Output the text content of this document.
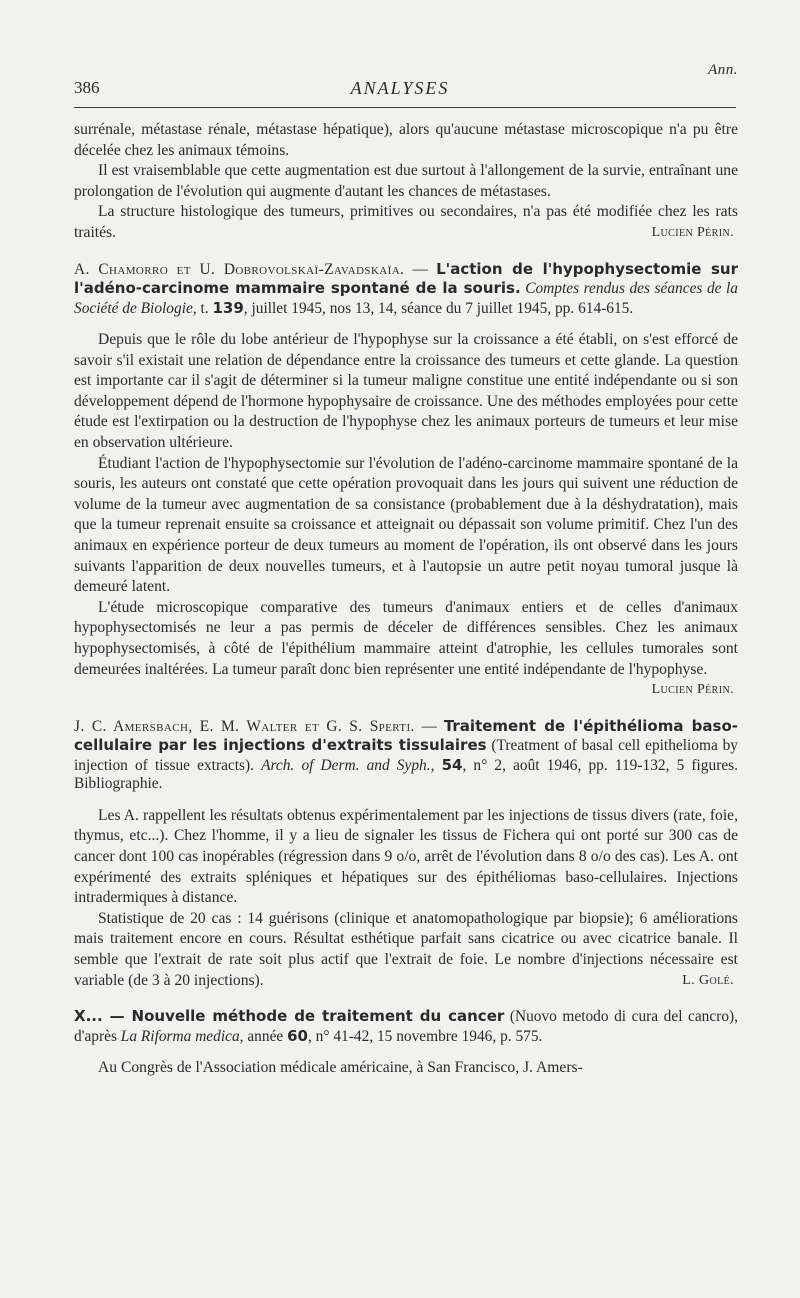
Ann.
386	ANALYSES

surrénale, métastase rénale, métastase hépatique), alors qu'aucune métastase microscopique n'a pu être décelée chez les animaux témoins.

Il est vraisemblable que cette augmentation est due surtout à l'allongement de la survie, entraînant une prolongation de l'évolution qui augmente d'autant les chances de métastases.

La structure histologique des tumeurs, primitives ou secondaires, n'a pas été modifiée chez les rats traités.	Lucien Périn.

A. Chamorro et U. Dobrovolskaï-Zavadskaïa. — L'action de l'hypophysectomie sur l'adéno-carcinome mammaire spontané de la souris. Comptes rendus des séances de la Société de Biologie, t. 139, juillet 1945, nos 13, 14, séance du 7 juillet 1945, pp. 614-615.

Depuis que le rôle du lobe antérieur de l'hypophyse sur la croissance a été établi, on s'est efforcé de savoir s'il existait une relation de dépendance entre la croissance des tumeurs et cette glande. La question est importante car il s'agit de déterminer si la tumeur maligne constitue une entité indépendante ou si son développement dépend de l'hormone hypophysaire de croissance. Une des méthodes employées pour cette étude est l'extirpation ou la destruction de l'hypophyse chez les animaux porteurs de tumeurs et leur mise en observation ultérieure.

Étudiant l'action de l'hypophysectomie sur l'évolution de l'adéno-carcinome mammaire spontané de la souris, les auteurs ont constaté que cette opération provoquait dans les jours qui suivent une réduction de volume de la tumeur avec augmentation de sa consistance (probablement due à la déshydratation), mais que la tumeur reprenait ensuite sa croissance et atteignait ou dépassait son volume primitif. Chez l'un des animaux en expérience porteur de deux tumeurs au moment de l'opération, ils ont observé dans les jours suivants l'apparition de deux nouvelles tumeurs, et à l'autopsie un autre petit noyau tumoral jusque là demeuré latent.

L'étude microscopique comparative des tumeurs d'animaux entiers et de celles d'animaux hypophysectomisés ne leur a pas permis de déceler de différences sensibles. Chez les animaux hypophysectomisés, à côté de l'épithélium mammaire atteint d'atrophie, les cellules tumorales sont demeurées inaltérées. La tumeur paraît donc bien représenter une entité indépendante de l'hypophyse.

Lucien Périn.

J. C. Amersbach, E. M. Walter et G. S. Sperti. — Traitement de l'épithélioma baso-cellulaire par les injections d'extraits tissulaires (Treatment of basal cell epithelioma by injection of tissue extracts). Arch. of Derm. and Syph., 54, n° 2, août 1946, pp. 119-132, 5 figures. Bibliographie.

Les A. rappellent les résultats obtenus expérimentalement par les injections de tissus divers (rate, foie, thymus, etc...). Chez l'homme, il y a lieu de signaler les tissus de Fichera qui ont porté sur 300 cas de cancer dont 100 cas inopérables (régression dans 9 o/o, arrêt de l'évolution dans 8 o/o des cas). Les A. ont expérimenté des extraits spléniques et hépatiques sur des épithéliomas baso-cellulaires. Injections intradermiques à distance.

Statistique de 20 cas : 14 guérisons (clinique et anatomopathologique par biopsie); 6 améliorations mais traitement encore en cours. Résultat esthétique parfait sans cicatrice ou avec cicatrice banale. Il semble que l'extrait de rate soit plus actif que l'extrait de foie. Le nombre d'injections nécessaire est variable (de 3 à 20 injections).	L. Golé.

X... — Nouvelle méthode de traitement du cancer (Nuovo metodo di cura del cancro), d'après La Riforma medica, année 60, n° 41-42, 15 novembre 1946, p. 575.

Au Congrès de l'Association médicale américaine, à San Francisco, J. Amers-
